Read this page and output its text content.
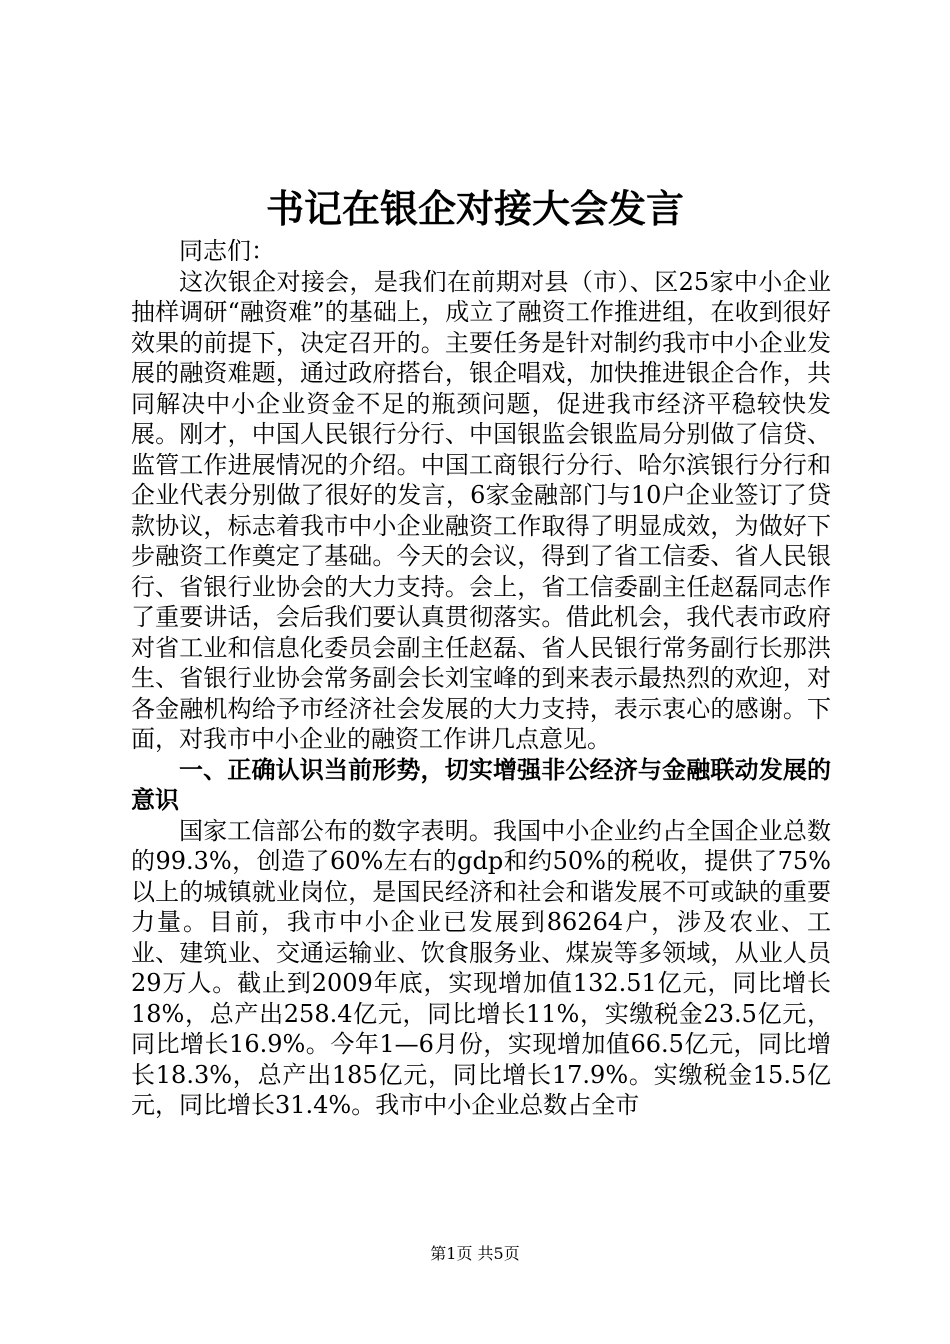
书记在银企对接大会发言

同志们：

这次银企对接会，是我们在前期对县（市）、区25家中小企业抽样调研“融资难”的基础上，成立了融资工作推进组，在收到很好效果的前提下，决定召开的。主要任务是针对制约我市中小企业发展的融资难题，通过政府搭台，银企唱戏，加快推进银企合作，共同解决中小企业资金不足的瓶颈问题，促进我市经济平稳较快发展。刚才，中国人民银行分行、中国银监会银监局分别做了信贷、监管工作进展情况的介绍。中国工商银行分行、哈尔滨银行分行和企业代表分别做了很好的发言，6家金融部门与10户企业签订了贷款协议，标志着我市中小企业融资工作取得了明显成效，为做好下步融资工作奠定了基础。今天的会议，得到了省工信委、省人民银行、省银行业协会的大力支持。会上，省工信委副主任赵磊同志作了重要讲话，会后我们要认真贯彻落实。借此机会，我代表市政府对省工业和信息化委员会副主任赵磊、省人民银行常务副行长那洪生、省银行业协会常务副会长刘宝峰的到来表示最热烈的欢迎，对各金融机构给予市经济社会发展的大力支持，表示衷心的感谢。下面，对我市中小企业的融资工作讲几点意见。

一、正确认识当前形势，切实增强非公经济与金融联动发展的意识

国家工信部公布的数字表明。我国中小企业约占全国企业总数的99.3%，创造了60%左右的gdp和约50%的税收，提供了75%以上的城镇就业岗位，是国民经济和社会和谐发展不可或缺的重要力量。目前，我市中小企业已发展到86264户，涉及农业、工业、建筑业、交通运输业、饮食服务业、煤炭等多领域，从业人员29万人。截止到2009年底，实现增加值132.51亿元，同比增长18%，总产出258.4亿元，同比增长11%，实缴税金23.5亿元，同比增长16.9%。今年1—6月份，实现增加值66.5亿元，同比增长18.3%，总产出185亿元，同比增长17.9%。实缴税金15.5亿元，同比增长31.4%。我市中小企业总数占全市

第1页 共5页
